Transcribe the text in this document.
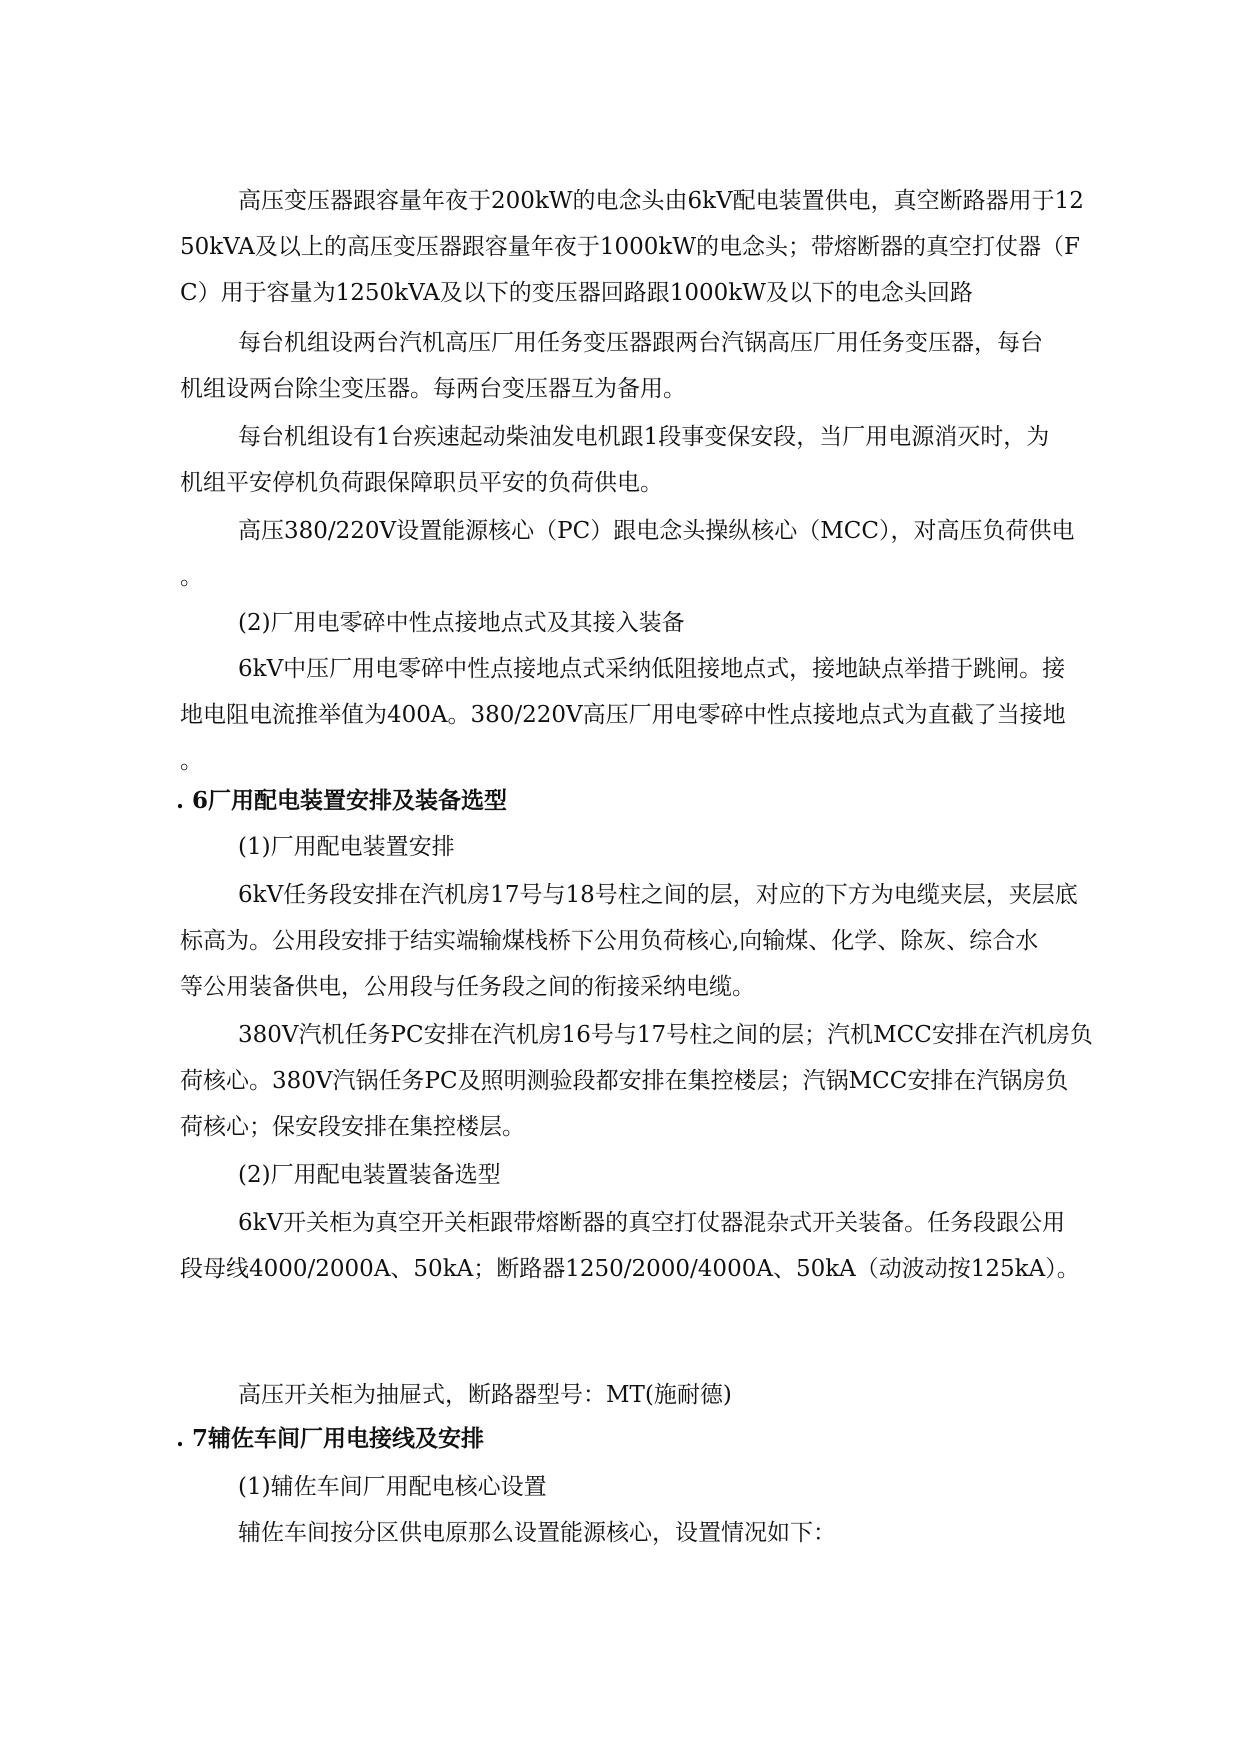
高压变压器跟容量年夜于200kW的电念头由6kV配电装置供电，真空断路器用于12
50kVA及以上的高压变压器跟容量年夜于1000kW的电念头；带熔断器的真空打仗器（F
C）用于容量为1250kVA及以下的变压器回路跟1000kW及以下的电念头回路
每台机组设两台汽机高压厂用任务变压器跟两台汽锅高压厂用任务变压器，每台
机组设两台除尘变压器。每两台变压器互为备用。
每台机组设有1台疾速起动柴油发电机跟1段事变保安段，当厂用电源消灭时，为
机组平安停机负荷跟保障职员平安的负荷供电。
高压380/220V设置能源核心（PC）跟电念头操纵核心（MCC），对高压负荷供电
。
(2)厂用电零碎中性点接地点式及其接入装备
6kV中压厂用电零碎中性点接地点式采纳低阻接地点式，接地缺点举措于跳闸。接
地电阻电流推举值为400A。380/220V高压厂用电零碎中性点接地点式为直截了当接地
。
. 6厂用配电装置安排及装备选型
(1)厂用配电装置安排
6kV任务段安排在汽机房17号与18号柱之间的层，对应的下方为电缆夹层，夹层底
标高为。公用段安排于结实端输煤栈桥下公用负荷核心,向输煤、化学、除灰、综合水
等公用装备供电，公用段与任务段之间的衔接采纳电缆。
380V汽机任务PC安排在汽机房16号与17号柱之间的层；汽机MCC安排在汽机房负
荷核心。380V汽锅任务PC及照明测验段都安排在集控楼层；汽锅MCC安排在汽锅房负
荷核心；保安段安排在集控楼层。
(2)厂用配电装置装备选型
6kV开关柜为真空开关柜跟带熔断器的真空打仗器混杂式开关装备。任务段跟公用
段母线4000/2000A、50kA；断路器1250/2000/4000A、50kA（动波动按125kA）。
高压开关柜为抽屉式，断路器型号：MT(施耐德)
. 7辅佐车间厂用电接线及安排
(1)辅佐车间厂用配电核心设置
辅佐车间按分区供电原那么设置能源核心，设置情况如下：
